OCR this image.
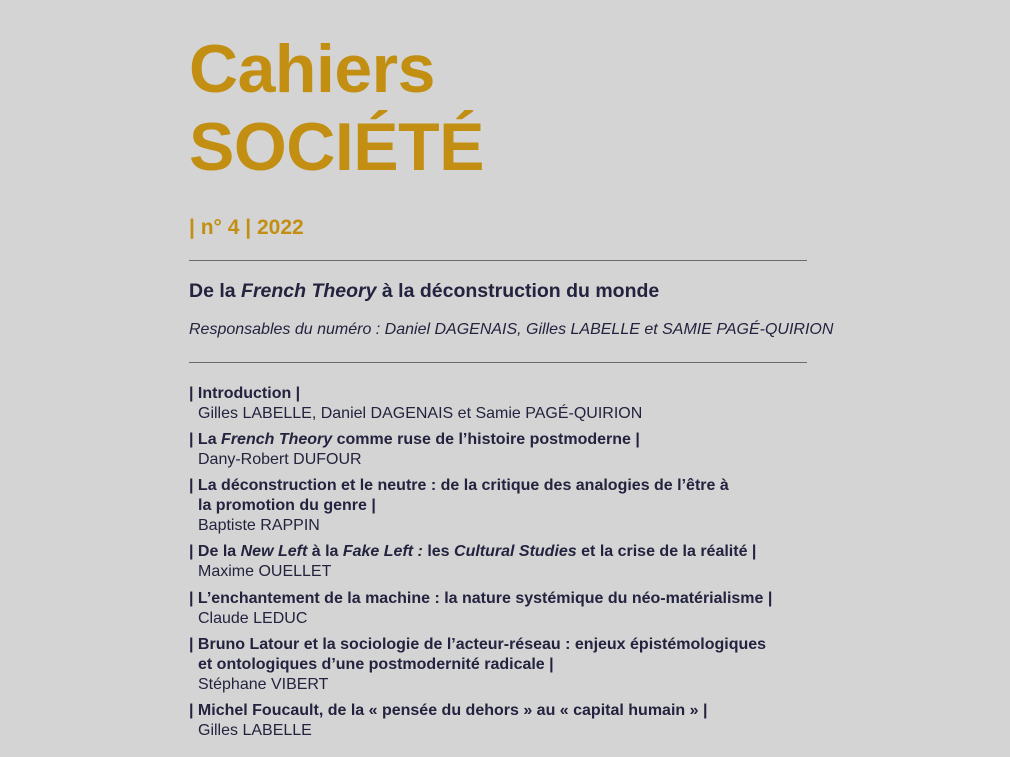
Cahiers
SOCIÉTÉ
| n° 4 | 2022
De la French Theory à la déconstruction du monde
Responsables du numéro : Daniel DAGENAIS, Gilles LABELLE et SAMIE PAGÉ-QUIRION
| Introduction |
Gilles LABELLE, Daniel DAGENAIS et Samie PAGÉ-QUIRION
| La French Theory comme ruse de l’histoire postmoderne |
Dany-Robert DUFOUR
| La déconstruction et le neutre : de la critique des analogies de l’être à
la promotion du genre |
Baptiste RAPPIN
| De la New Left à la Fake Left : les Cultural Studies et la crise de la réalité |
Maxime OUELLET
| L’enchantement de la machine : la nature systémique du néo-matérialisme |
Claude LEDUC
| Bruno Latour et la sociologie de l’acteur-réseau : enjeux épistémologiques
et ontologiques d’une postmodernité radicale |
Stéphane VIBERT
| Michel Foucault, de la « pensée du dehors » au « capital humain » |
Gilles LABELLE
